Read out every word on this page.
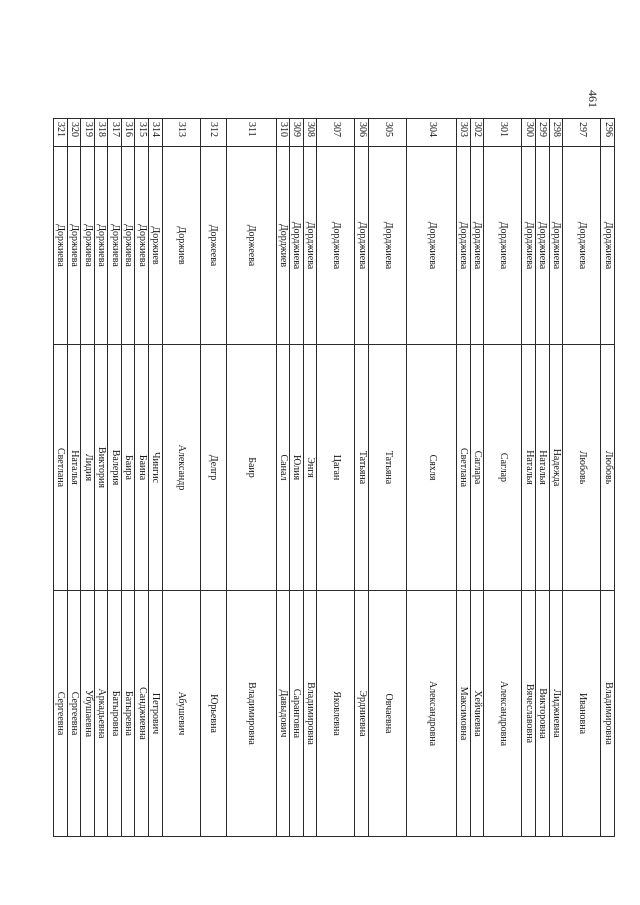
461
296	Дорджиева	Любовь	Владимировна
297	Дорджиева	Любовь	Ивановна
298	Дорджиева	Надежда	Лиджиевна
299	Дорджиева	Наталья	Викторовна
300	Дорджиева	Наталья	Вячеславовна
301	Дорджиева	Саглар	Александровна
302	Дорджиева	Саглара	Хейчиевна
303	Дорджиева	Светлана	Максимовна
304	Дорджиева	Сяхля	Александровна
305	Дорджиева	Татьяна	Овчаевна
306	Дорджиева	Татьяна	Эрдниевна
307	Дорджиева	Цаган	Яковлевна
308	Дорджиева	Энгя	Владимировна
309	Дорджиева	Юлия	Саранговна
310	Дорджиев	Санал	Давыдович
311	Доржеева	Баир	Владимировна
312	Доржеева	Делгр	Юрьевна
313	Доржиев	Александр	Абушевич
314	Доржиев	Чингис	Петрович
315	Доржиева	Баина	Санджиевна
316	Доржиева	Баира	Батыревна
317	Доржиева	Валерия	Батыровна
318	Доржиева	Виктория	Аркадьевна
319	Доржиева	Лидия	Убушаевна
320	Доржиева	Наталья	Сергеевна
321	Доржиева	Светлана	Сергеевна
